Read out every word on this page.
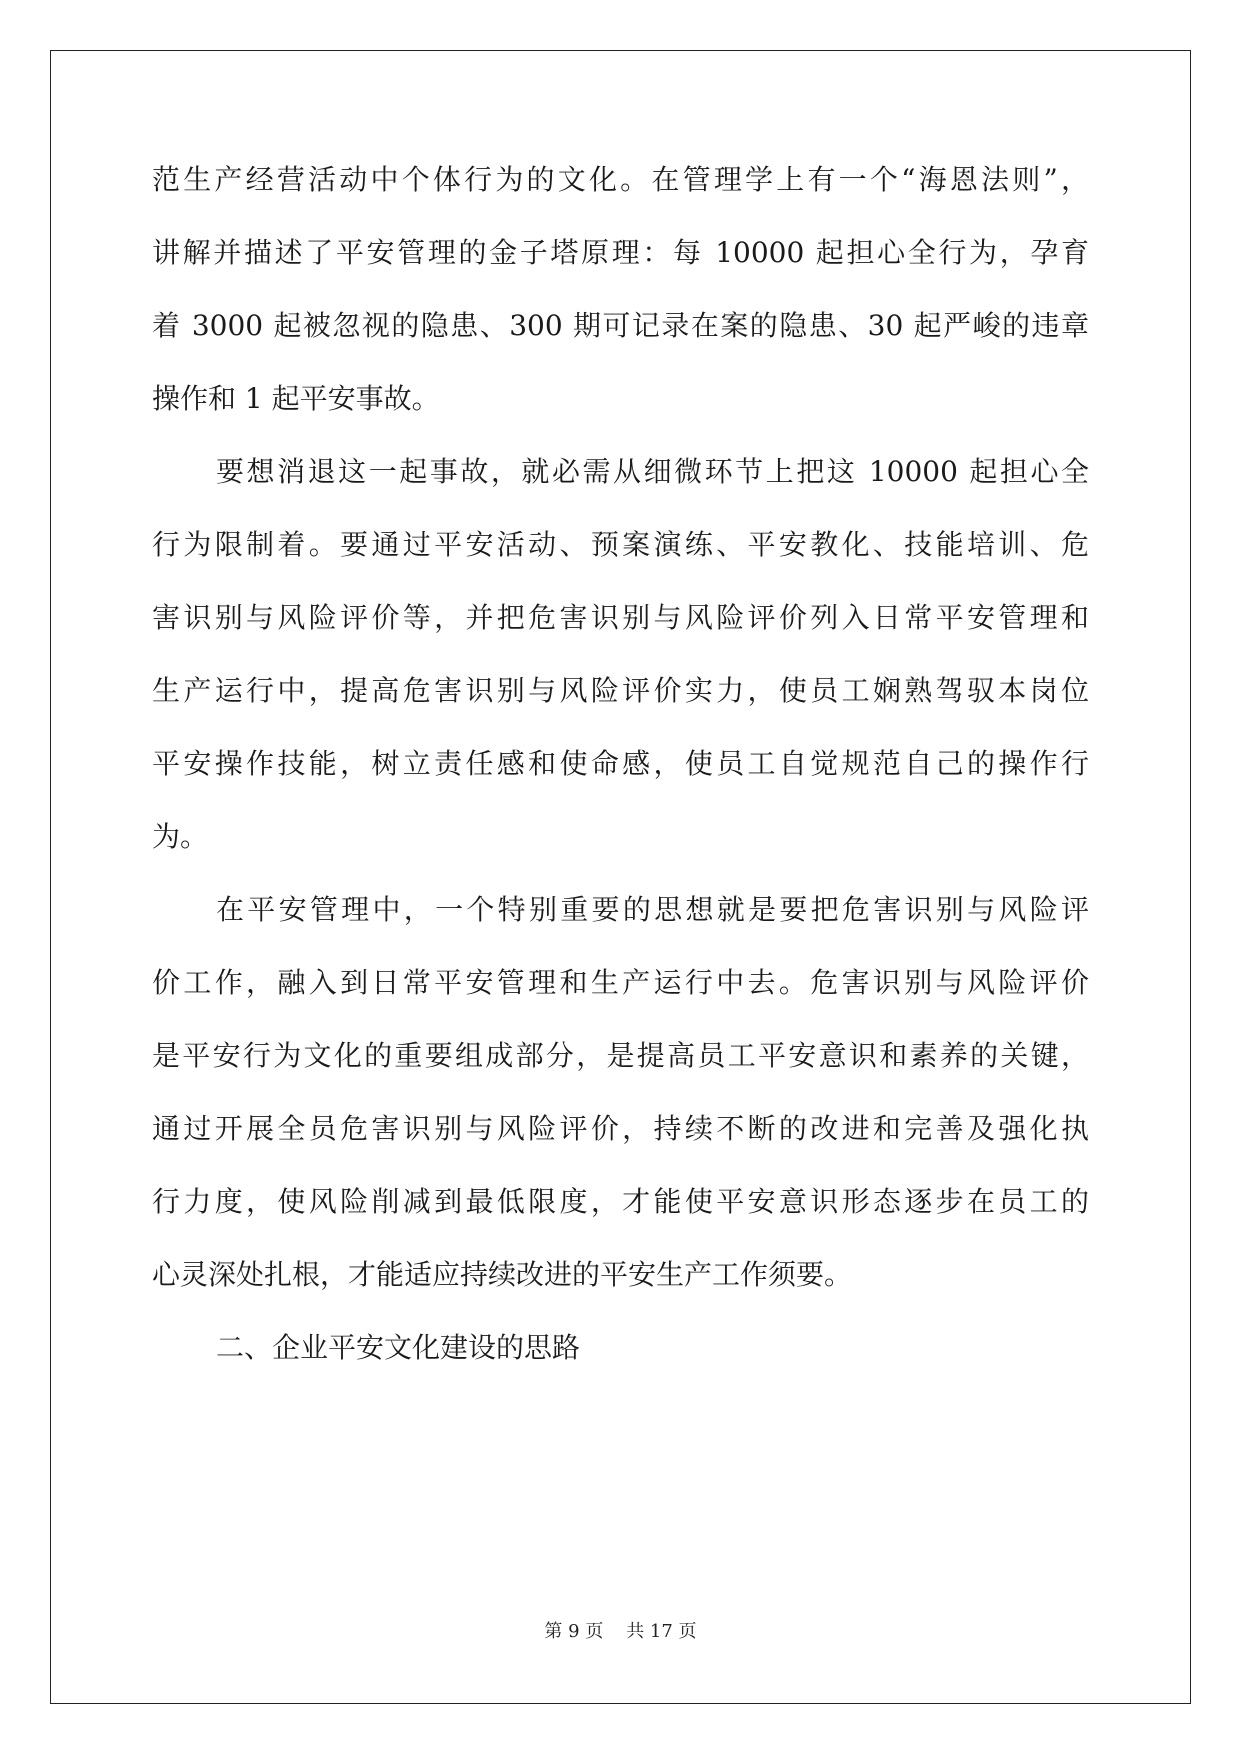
范生产经营活动中个体行为的文化。在管理学上有一个“海恩法则”，
讲解并描述了平安管理的金子塔原理：每 10000 起担心全行为，孕育
着 3000 起被忽视的隐患、300 期可记录在案的隐患、30 起严峻的违章
操作和 1 起平安事故。
要想消退这一起事故，就必需从细微环节上把这 10000 起担心全
行为限制着。要通过平安活动、预案演练、平安教化、技能培训、危
害识别与风险评价等，并把危害识别与风险评价列入日常平安管理和
生产运行中，提高危害识别与风险评价实力，使员工娴熟驾驭本岗位
平安操作技能，树立责任感和使命感，使员工自觉规范自己的操作行
为。
在平安管理中，一个特别重要的思想就是要把危害识别与风险评
价工作，融入到日常平安管理和生产运行中去。危害识别与风险评价
是平安行为文化的重要组成部分，是提高员工平安意识和素养的关键，
通过开展全员危害识别与风险评价，持续不断的改进和完善及强化执
行力度，使风险削减到最低限度，才能使平安意识形态逐步在员工的
心灵深处扎根，才能适应持续改进的平安生产工作须要。
二、企业平安文化建设的思路
第 9 页    共 17 页
